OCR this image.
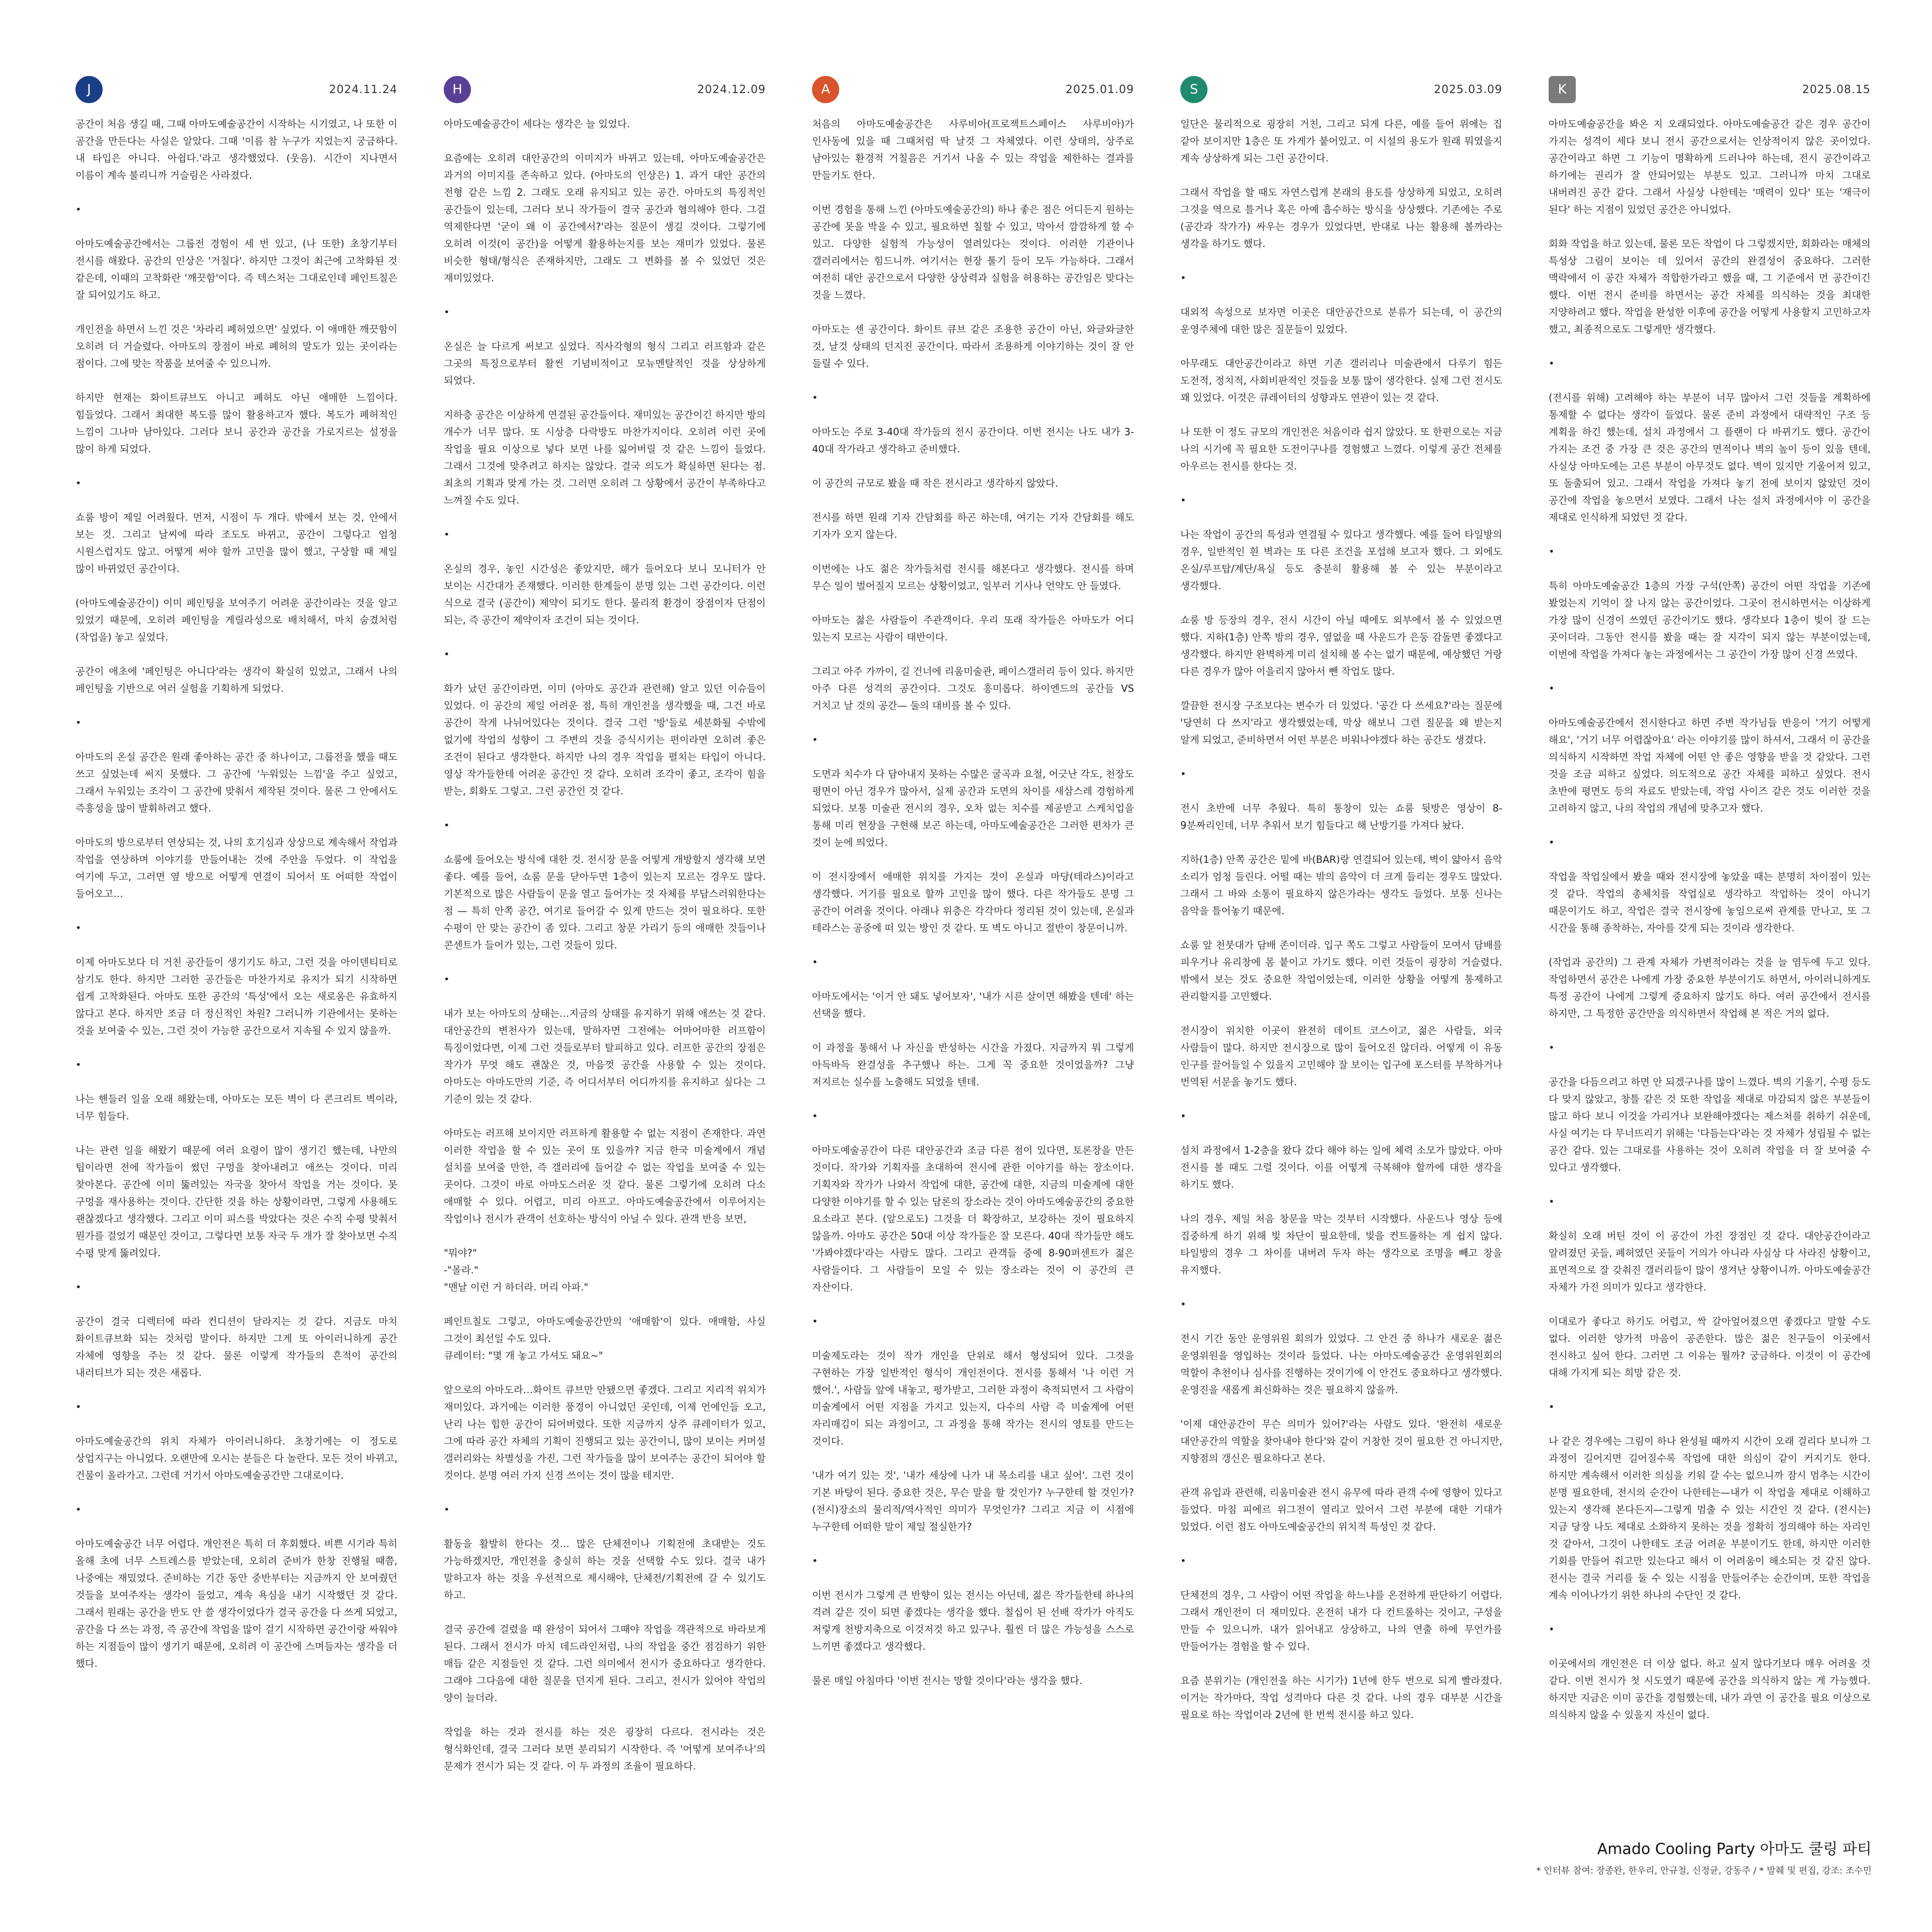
J	2024.11.24

공간이 처음 생길 때, 그때 아마도예술공간이 시작하는 시기였고, 나 또한 이 공간을 만든다는 사실은 알았다. 그때 '이름 참 누구가 지었는지 궁금하다. 내 타입은 아니다. 아쉽다.'라고 생각했었다. (웃음). 시간이 지나면서 이름이 계속 불리니까 거슬림은 사라졌다.

•

아마도예술공간에서는 그룹전 경험이 세 번 있고, (나 또한) 초창기부터 전시를 해왔다. 공간의 인상은 '거칠다'. 하지만 그것이 최근에 고착화된 것 같은데, 이때의 고착화란 '깨끗함'이다. 즉 텍스처는 그대로인데 페인트칠은 잘 되어있기도 하고.

개인전을 하면서 느낀 것은 '차라리 폐허였으면' 싶었다. 이 애매한 깨끗함이 오히려 더 거슬렸다. 아마도의 장점이 바로 폐허의 말도가 있는 곳이라는 점이다. 그에 맞는 작품을 보여줄 수 있으니까.

하지만 현재는 화이트큐브도 아니고 폐허도 아닌 애매한 느낌이다. 힘들었다. 그래서 최대한 복도를 많이 활용하고자 했다. 복도가 폐허적인 느낌이 그나마 남아있다. 그러다 보니 공간과 공간을 가로지르는 설정을 많이 하게 되었다.

•

쇼룸 방이 제일 어려웠다. 먼저, 시점이 두 개다. 밖에서 보는 것, 안에서 보는 것. 그리고 날씨에 따라 조도도 바뀌고, 공간이 그렇다고 엄청 시원스럽지도 않고. 어떻게 써야 할까 고민을 많이 했고, 구상할 때 제일 많이 바뀌었던 공간이다.

(아마도예술공간이) 이미 페인팅을 보여주기 어려운 공간이라는 것을 알고 있었기 때문에, 오히려 페인팅을 게릴라성으로 배치해서, 마치 숨겼처럼 (작업을) 놓고 싶었다.

공간이 애초에 '페인팅은 아니다'라는 생각이 확실히 있었고, 그래서 나의 페인팅을 기반으로 여러 실험을 기획하게 되었다.

•

아마도의 온실 공간은 원래 좋아하는 공간 중 하나이고, 그룹전을 했을 때도 쓰고 싶었는데 써지 못했다. 그 공간에 '누워있는 느낌'을 주고 싶었고, 그래서 누워있는 조각이 그 공간에 맞춰서 제작된 것이다. 물론 그 안에서도 즉흥성을 많이 발휘하려고 했다.

아마도의 방으로부터 연상되는 것, 나의 호기심과 상상으로 계속해서 작업과 작업을 연상하며 이야기를 만들어내는 것에 주안을 두었다. 이 작업을 여기에 두고, 그러면 옆 방으로 어떻게 연결이 되어서 또 어떠한 작업이 들어오고…

•

이제 아마도보다 더 거친 공간들이 생기기도 하고, 그런 것을 아이덴티티로 삼기도 한다. 하지만 그러한 공간들은 마찬가지로 유지가 되기 시작하면 쉽게 고착화된다. 아마도 또한 공간의 '특성'에서 오는 새로움은 유효하지 않다고 본다. 하지만 조금 더 정신적인 차원? 그러니까 기관에서는 못하는 것을 보여줄 수 있는, 그런 것이 가능한 공간으로서 지속될 수 있지 않을까.

•

나는 핸들러 일을 오래 해왔는데, 아마도는 모든 벽이 다 콘크리트 벽이라, 너무 힘들다.

나는 관련 일을 해왔기 때문에 여러 요령이 많이 생기긴 했는데, 나만의 팁이라면 전에 작가들이 썼던 구멍을 찾아내려고 애쓰는 것이다. 미리 찾아본다. 공간에 이미 뚫려있는 자국을 찾아서 작업을 거는 것이다. 못 구멍을 재사용하는 것이다. 간단한 것을 하는 상황이라면, 그렇게 사용해도 괜찮겠다고 생각했다. 그리고 이미 피스를 박았다는 것은 수직 수평 맞춰서 뭔가를 걸었기 때문인 것이고, 그렇다면 보통 자국 두 개가 잘 찾아보면 수직 수평 맞게 뚫려있다.

•

공간이 결국 디렉터에 따라 컨디션이 달라지는 것 같다. 지금도 마치 화이트큐브화 되는 것처럼 말이다. 하지만 그게 또 아이러니하게 공간 자체에 영향을 주는 것 같다. 물론 이렇게 작가들의 흔적이 공간의 내러티브가 되는 것은 새롭다.

•

아마도예술공간의 위치 자체가 아이러니하다. 초창기에는 이 정도로 상업지구는 아니었다. 오랜만에 오시는 분들은 다 놀란다. 모든 것이 바뀌고, 건물이 올라가고. 그런데 거기서 아마도예술공간만 그대로이다.

•

아마도예술공간 너무 어렵다. 개인전은 특히 더 후회했다. 비쁜 시기라 특히 올해 초에 너무 스트레스를 받았는데, 오히려 준비가 한창 진행될 때쯤, 나중에는 재밌었다. 준비하는 기간 동안 중반부터는 지금까지 안 보여줬던 것들을 보여주자는 생각이 들었고, 계속 욕심을 내기 시작했던 것 같다. 그래서 원래는 공간을 반도 안 쓸 생각이었다가 결국 공간을 다 쓰게 되었고, 공간을 다 쓰는 과정, 즉 공간에 작업을 많이 걸기 시작하면 공간이랑 싸워야 하는 지점들이 많이 생기기 때문에, 오히려 이 공간에 스며들자는 생각을 더 했다.

H	2024.12.09

아마도예술공간이 세다는 생각은 늘 있었다.

요즘에는 오히려 대안공간의 이미지가 바뀌고 있는데, 아마도예술공간은 과거의 이미지를 존속하고 있다. (아마도의 인상은) 1. 과거 대안 공간의 전형 같은 느낌 2. 그래도 오래 유지되고 있는 공간. 아마도의 특징적인 공간들이 있는데, 그러다 보니 작가들이 결국 공간과 협의해야 한다. 그걸 역제한다면 '굳이 왜 이 공간에서?'라는 질문이 생길 것이다. 그렇기에 오히려 이것(이 공간)을 어떻게 활용하는지를 보는 재미가 있었다. 물론 비슷한 형태/형식은 존재하지만, 그래도 그 변화를 볼 수 있었던 것은 재미있었다.

•

온실은 늘 다르게 써보고 싶었다. 직사각형의 형식 그리고 러프함과 같은 그곳의 특징으로부터 활씬 기념비적이고 모뉴멘탈적인 것을 상상하게 되었다.

지하층 공간은 이상하게 연결된 공간들이다. 재미있는 공간이긴 하지만 방의 개수가 너무 많다. 또 시상층 다락방도 마찬가지이다. 오히려 이런 곳에 작업을 필요 이상으로 넣다 보면 나를 잃어버릴 것 같은 느낌이 들었다. 그래서 그것에 맞추려고 하지는 않았다. 결국 의도가 확실하면 된다는 점. 최초의 기획과 맞게 가는 것. 그러면 오히려 그 상황에서 공간이 부족하다고 느껴질 수도 있다.

•

온실의 경우, 놓인 시간성은 좋았지만, 해가 들어오다 보니 모니터가 안 보이는 시간대가 존재했다. 이러한 한계들이 분명 있는 그런 공간이다. 이런 식으로 결국 (공간이) 제약이 되기도 한다. 물리적 환경이 장점이자 단점이 되는, 즉 공간이 제약이자 조건이 되는 것이다.

•

화가 났던 공간이라면, 이미 (아마도 공간과 관련해) 알고 있던 이슈들이 있었다. 이 공간의 제일 어려운 점, 특히 개인전을 생각했을 때, 그건 바로 공간이 작게 나뉘어있다는 것이다. 결국 그런 '방'들로 세분화될 수밖에 없기에 작업의 성향이 그 주변의 것을 증식시키는 편이라면 오히려 좋은 조건이 된다고 생각한다. 하지만 나의 경우 작업을 펼치는 타입이 아니다. 영상 작가들한테 어려운 공간인 것 같다. 오히려 조각이 좋고, 조각이 힘을 받는, 회화도 그렇고. 그런 공간인 것 같다.

•

쇼룸에 들어오는 방식에 대한 것. 전시장 문을 어떻게 개방할지 생각해 보면 좋다. 예를 들어, 쇼룸 문을 닫아두면 1층이 있는지 모르는 경우도 많다. 기본적으로 많은 사람들이 문을 열고 들어가는 것 자체를 부담스러워한다는 점 — 특히 안쪽 공간, 여기로 들어갈 수 있게 만드는 것이 필요하다. 또한 수평이 안 맞는 공간이 좀 있다. 그리고 창문 가리기 등의 애매한 것들이나 콘센트가 들어가 있는, 그런 것들이 있다.

•

내가 보는 아마도의 상태는…지금의 상태를 유지하기 위해 애쓰는 것 같다. 대안공간의 변천사가 있는데, 말하자면 그전에는 어마어마한 러프함이 특징이었다면, 이제 그런 것들로부터 탈피하고 있다. 러프한 공간의 장점은 작가가 무엇 해도 괜찮은 것, 마음껏 공간을 사용할 수 있는 것이다. 아마도는 아마도만의 기준, 즉 어디서부터 어디까지를 유지하고 싶다는 그 기준이 있는 것 같다.

아마도는 러프해 보이지만 러프하게 활용할 수 없는 지점이 존재한다. 과연 이러한 작업을 할 수 있는 곳이 또 있을까? 지금 한국 미술계에서 개념 설치를 보여줄 만한, 즉 갤러리에 들어갈 수 없는 작업을 보여줄 수 있는 곳이다. 그것이 바로 아마도스러운 것 같다. 물론 그렇기에 오히려 다소 애매할 수 있다. 어렵고, 미리 아프고. 아마도예술공간에서 이루어지는 작업이나 전시가 관객이 선호하는 방식이 아닐 수 있다. 관객 반응 보면,

"뭐야?"
-"몰라."
"맨날 이런 거 하더라. 머리 아파."

페인트칠도 그렇고, 아마도예술공간만의 '애매함'이 있다. 애매함, 사실 그것이 최선일 수도 있다.
큐레이터: "몇 개 놓고 가셔도 돼요~"

앞으로의 아마도라…화이트 큐브만 안됐으면 좋겠다. 그리고 지리적 위치가 재미있다. 과거에는 이러한 풍경이 아니었던 곳인데, 이제 언에인들 오고, 난리 나는 힙한 공간이 되어버렸다. 또한 지금까지 상주 큐레이터가 있고, 그에 따라 공간 자체의 기획이 진행되고 있는 공간이니, 많이 보이는 커머셜 갤러리와는 차별성을 가진, 그런 작가들을 많이 보여주는 공간이 되어야 할 것이다. 분명 여러 가지 신경 쓰이는 것이 많을 테지만.

•

활동을 활발히 한다는 것… 많은 단체전이나 기획전에 초대받는 것도 가능하겠지만, 개인전을 충실히 하는 것을 선택할 수도 있다. 결국 내가 말하고자 하는 것을 우선적으로 제시해야, 단체전/기획전에 갈 수 있기도 하고.

결국 공간에 걸렸을 때 완성이 되어서 그때야 작업을 객관적으로 바라보게 된다. 그래서 전시가 마치 데드라인처럼, 나의 작업을 중간 점검하기 위한 매듭 같은 지점들인 것 같다. 그런 의미에서 전시가 중요하다고 생각한다. 그래야 그다음에 대한 질문을 던지게 된다. 그리고, 전시가 있어야 작업의 양이 늘더라.

작업을 하는 것과 전시를 하는 것은 굉장히 다르다. 전시라는 것은 형식화인데, 결국 그러다 보면 분리되기 시작한다. 즉 '어떻게 보여주나'의 문제가 전시가 되는 것 같다. 이 두 과정의 조율이 필요하다.

A	2025.01.09

처음의 아마도예술공간은 사루비아(프로젝트스페이스 사루비아)가 인사동에 있을 때 그때처럼 딱 날것 그 자체였다. 이런 상태의, 상주로 남아있는 환경적 거칠음은 거기서 나올 수 있는 작업을 제한하는 결과를 만들기도 한다.

이번 경험을 통해 느낀 (아마도예술공간의) 하나 좋은 점은 어디든지 원하는 공간에 못을 박을 수 있고, 필요하면 칠할 수 있고, 막아서 깜깜하게 할 수 있고. 다양한 실험적 가능성이 열려있다는 것이다. 이러한 기관이나 갤러리에서는 힘드니까. 여기서는 현장 툴기 등이 모두 가능하다. 그래서 여전히 대안 공간으로서 다양한 상상력과 실험을 허용하는 공간임은 맞다는 것을 느꼈다.

아마도는 센 공간이다. 화이트 큐브 같은 조용한 공간이 아닌, 와글와글한 것, 날것 상태의 던지진 공간이다. 따라서 조용하게 이야기하는 것이 잘 안 들릴 수 있다.

•

아마도는 주로 3-40대 작가들의 전시 공간이다. 이번 전시는 나도 내가 3-40대 작가라고 생각하고 준비했다.

이 공간의 규모로 봤을 때 작은 전시라고 생각하지 않았다.

전시를 하면 원래 기자 간담회를 하곤 하는데, 여기는 기자 간담회를 해도 기자가 오지 않는다.

이번에는 나도 젊은 작가들처럼 전시를 해본다고 생각했다. 전시를 하며 무슨 일이 벌어질지 모르는 상황이었고, 일부러 기사나 언약도 안 들였다.

아마도는 젊은 사람들이 주관객이다. 우리 또래 작가들은 아마도가 어디 있는지 모르는 사람이 태반이다.

그리고 아주 가까이, 길 건너에 리움미술관, 페이스갤러리 등이 있다. 하지만 아주 다른 성격의 공간이다. 그것도 흥미롭다. 하이엔드의 공간들 VS 거치고 날 것의 공간— 둘의 대비를 볼 수 있다.

•

도면과 치수가 다 담아내지 못하는 수많은 굴곡과 요철, 어긋난 각도, 천장도 평면이 아닌 경우가 많아서, 실제 공간과 도면의 차이를 새삼스레 경험하게 되었다. 보통 미술관 전시의 경우, 오차 없는 치수를 제공받고 스케치업을 통해 미리 현장을 구현해 보곤 하는데, 아마도예술공간은 그러한 편차가 큰 것이 눈에 띄었다.

이 전시장에서 애매한 위치를 가지는 것이 온실과 마당(테라스)이라고 생각했다. 거기를 필요로 할까 고민을 많이 했다. 다른 작가들도 분명 그 공간이 어려울 것이다. 아래나 위층은 각각마다 정리된 것이 있는데, 온실과 테라스는 공중에 떠 있는 방인 것 같다. 또 벽도 아니고 절반이 창문이니까.

•

아마도에서는 '이거 안 돼도 넣어보자', '내가 시른 살이면 해봤을 텐데' 하는 선택을 했다.

이 과정을 통해서 나 자신을 반성하는 시간을 가졌다. 지금까지 뭐 그렇게 아득바득 완결성을 추구했나 하는. 그게 꼭 중요한 것이었을까? 그냥 저지르는 실수를 노출해도 되었을 텐데.

•

아마도예술공간이 다른 대안공간과 조금 다른 점이 있다면, 토론장을 만든 것이다. 작가와 기획자를 초대하여 전시에 관한 이야기를 하는 장소이다. 기획자와 작가가 나와서 작업에 대한, 공간에 대한, 지금의 미술계에 대한 다양한 이야기를 할 수 있는 담론의 장소라는 것이 아마도예술공간의 중요한 요소라고 본다. (앞으로도) 그것을 더 확장하고, 보강하는 것이 필요하지 않을까. 아마도 공간은 50대 이상 작가들은 잘 모른다. 40대 작가들만 해도 '가봐야겠다'라는 사람도 많다. 그리고 관객들 중에 8-90퍼센트가 젊은 사람들이다. 그 사람들이 모일 수 있는 장소라는 것이 이 공간의 큰 자산이다.

•

미술제도라는 것이 작가 개인을 단위로 해서 형성되어 있다. 그것을 구현하는 가장 일반적인 형식이 개인전이다. 전시를 통해서 '나 이런 거 했어.', 사람들 앞에 내놓고, 평가받고, 그러한 과정이 축적되면서 그 사람이 미술계에서 어떤 지점을 가지고 있는지, 다수의 사람 즉 미술계에 어떤 자리매김이 되는 과정이고, 그 과정을 통해 작가는 전시의 영토를 만드는 것이다.

'내가 여기 있는 것', '내가 세상에 나가 내 목소리를 내고 싶어'. 그런 것이 기본 바탕이 된다. 중요한 것은, 무슨 말을 할 것인가? 누구한테 할 것인가? (전시)장소의 물리적/역사적인 의미가 무엇인가? 그리고 지금 이 시점에 누구한테 어떠한 말이 제일 절실한가?

•

이번 전시가 그렇게 큰 반향이 있는 전시는 아닌데, 젊은 작가들한테 하나의 격려 같은 것이 되면 좋겠다는 생각을 했다. 칠십이 된 선배 작가가 아직도 저렇게 천방지축으로 이것저것 하고 있구나. 훨씬 더 많은 가능성을 스스로 느끼면 좋겠다고 생각했다.

물론 매일 아침마다 '이번 전시는 망할 것이다'라는 생각을 했다.

S	2025.03.09

일단은 물리적으로 굉장히 거친, 그리고 되게 다른, 예를 들어 위에는 집 같아 보이지만 1층은 또 가게가 붙어있고. 이 시설의 용도가 원래 뭐였을지 계속 상상하게 되는 그런 공간이다.

그래서 작업을 할 때도 자연스럽게 본래의 용도를 상상하게 되었고, 오히려 그것을 역으로 틀거나 혹은 아예 흡수하는 방식을 상상했다. 기존에는 주로 (공간과 작가가) 싸우는 경우가 있었다면, 반대로 나는 활용해 볼까라는 생각을 하기도 했다.

•

대외적 속성으로 보자면 이곳은 대안공간으로 분류가 되는데, 이 공간의 운영주체에 대한 많은 질문들이 있었다.

아무래도 대안공간이라고 하면 기존 갤러리나 미술관에서 다루기 힘든 도전적, 정치적, 사회비판적인 것들을 보통 많이 생각한다. 실제 그런 전시도 꽤 있었다. 이것은 큐레이터의 성향과도 연관이 있는 것 같다.

나 또한 이 정도 규모의 개인전은 처음이라 쉽지 않았다. 또 한편으로는 지금 나의 시기에 꼭 필요한 도전이구나를 경험했고 느꼈다. 이렇게 공간 전체를 아우르는 전시를 한다는 것.

•

나는 작업이 공간의 특성과 연결될 수 있다고 생각했다. 예를 들어 타일방의 경우, 일반적인 흰 벽과는 또 다른 조건을 포섭해 보고자 했다. 그 외에도 온실/루프탑/계단/욕실 등도 충분히 활용해 볼 수 있는 부분이라고 생각했다.

쇼룸 방 등장의 경우, 전시 시간이 아닐 때에도 외부에서 볼 수 있었으면 했다. 지하(1층) 안쪽 방의 경우, 옆없을 때 사운드가 은둥 감돌면 좋겠다고 생각했다. 하지만 완벽하게 미리 설치해 볼 수는 없기 때문에, 예상했던 거랑 다른 경우가 많아 이을리지 않아서 뺀 작업도 많다.

깔끔한 전시장 구조보다는 변수가 더 있었다. '공간 다 쓰세요?'라는 질문에 '당연히 다 쓰지'라고 생각했었는데, 막상 해보니 그런 질문을 왜 받는지 알게 되었고, 준비하면서 어떤 부분은 비워나야겠다 하는 공간도 생겼다.

•

전시 초반에 너무 추웠다. 특히 통창이 있는 쇼룸 뒷방은 영상이 8-9분짜리인데, 너무 추워서 보기 힘들다고 해 난방기를 가져다 놨다.

지하(1층) 안쪽 공간은 밑에 바(BAR)랑 연결되어 있는데, 벽이 얇아서 음악 소리가 엄청 들린다. 어떨 때는 밖의 음악이 더 크게 들리는 경우도 많았다. 그래서 그 바와 소통이 필요하지 않은가라는 생각도 들었다. 보통 신나는 음악을 틀어놓기 때문에.

쇼룸 앞 천붓대가 담배 존이더라. 입구 쪽도 그렇고 사람들이 모여서 담배를 피우거나 유리창에 몸 붙이고 가기도 했다. 이런 것들이 굉장히 거슬렸다. 밖에서 보는 것도 중요한 작업이었는데, 이러한 상황을 어떻게 통제하고 관리할지를 고민했다.

전시장이 위치한 이곳이 완전히 데이트 코스이고, 젊은 사람들, 외국 사람들이 많다. 하지만 전시장으로 많이 들어오진 않더라. 어떻게 이 유동 인구를 끌어들일 수 있을지 고민해야 잘 보이는 입구에 포스터를 부착하거나 번역된 서문을 놓기도 했다.

•

설치 과정에서 1-2층을 왔다 갔다 해야 하는 일에 체력 소모가 많았다. 아마 전시를 볼 때도 그럴 것이다. 이를 어떻게 극복해야 할까에 대한 생각을 하기도 했다.

나의 경우, 제일 처음 창문을 막는 것부터 시작했다. 사운드나 영상 등에 집중하게 하기 위해 빛 차단이 필요한데, 빛을 컨트롤하는 게 쉽지 않다. 타일방의 경우 그 차이를 내버려 두자 하는 생각으로 조명을 빼고 창을 유지했다.

•

전시 기간 동안 운영위원 회의가 있었다. 그 안건 중 하나가 새로운 젊은 운영위원을 영입하는 것이라 들었다. 나는 아마도예술공간 운영위원회의 역할이 추천이나 심사를 진행하는 것이기에 이 안건도 중요하다고 생각했다. 운영진을 새롭게 최신화하는 것은 필요하지 않을까.

'이제 대안공간이 무슨 의미가 있어?'라는 사람도 있다. '완전히 새로운 대안공간의 역할을 찾아내야 한다'와 같이 거창한 것이 필요한 건 아니지만, 지향점의 갱신은 필요하다고 본다.

관객 유입과 관련해, 리움미술관 전시 유무에 따라 관객 수에 영향이 있다고 들었다. 마침 피에르 위그전이 열리고 있어서 그런 부분에 대한 기대가 있었다. 이런 점도 아마도예술공간의 위치적 특성인 것 같다.

•

단체전의 경우, 그 사람이 어떤 작업을 하느냐를 온전하게 판단하기 어렵다. 그래서 개인전이 더 재미있다. 온전히 내가 다 컨트롤하는 것이고, 구성을 만들 수 있으니까. 내가 읽어내고 상상하고, 나의 연출 하에 무언가를 만들어가는 경험을 할 수 있다.

요즘 분위기는 (개인전을 하는 시기가) 1년에 한두 번으로 되게 빨라졌다. 이거는 작가마다, 작업 성격마다 다른 것 같다. 나의 경우 대부분 시간을 필요로 하는 작업이라 2년에 한 번씩 전시를 하고 있다.

K	2025.08.15

아마도예술공간을 봐온 지 오래되었다. 아마도예술공간 같은 경우 공간이 가지는 성격이 세다 보니 전시 공간으로서는 인상적이지 않은 곳이었다. 공간이라고 하면 그 기능이 명확하게 드러나야 하는데, 전시 공간이라고 하기에는 권리가 잘 안되어있는 부분도 있고. 그러니까 마치 그대로 내버려진 공간 같다. 그래서 사실상 나한테는 '매력이 있다' 또는 '재극이 된다' 하는 지점이 있었던 공간은 아니었다.

회화 작업을 하고 있는데, 물론 모든 작업이 다 그렇겠지만, 회화라는 매체의 특성상 그림이 보이는 데 있어서 공간의 완결성이 중요하다. 그러한 맥락에서 이 공간 자체가 적합한가라고 했을 때, 그 기준에서 먼 공간이긴 했다. 이번 전시 준비를 하면서는 공간 자체를 의식하는 것을 최대한 지양하려고 했다. 작업을 완성한 이후에 공간을 어떻게 사용할지 고민하고자 했고, 최종적으로도 그렇게만 생각했다.

•

(전시를 위해) 고려해야 하는 부분이 너무 많아서 그런 것들을 계획하에 통제할 수 없다는 생각이 들었다. 물론 준비 과정에서 대략적인 구조 등 계획을 하긴 했는데, 설치 과정에서 그 플랜이 다 바뀌기도 했다. 공간이 가지는 조건 중 가장 큰 것은 공간의 면적이나 벽의 높이 등이 있을 텐데, 사실상 아마도에는 고른 부분이 아무것도 없다. 벽이 있지만 기울어져 있고, 또 돌출되어 있고. 그래서 작업을 가져다 놓기 전에 보이지 않았던 것이 공간에 작업을 놓으면서 보였다. 그래서 나는 설치 과정에서야 이 공간을 제대로 인식하게 되었던 것 같다.

•

특히 아마도예술공간 1층의 가장 구석(안쪽) 공간이 어떤 작업을 기존에 봤었는지 기억이 잘 나지 않는 공간이었다. 그곳이 전시하면서는 이상하게 가장 많이 신경이 쓰였던 공간이기도 했다. 생각보다 1층이 빛이 잘 드는 곳이더라. 그동안 전시를 봤을 때는 잘 지각이 되지 않는 부분이었는데, 이번에 작업을 가져다 놓는 과정에서는 그 공간이 가장 많이 신경 쓰였다.

•

아마도예술공간에서 전시한다고 하면 주변 작가님들 반응이 '거기 어떻게 해요', '거기 너무 어렵잖아요' 라는 이야기를 많이 하셔서, 그래서 이 공간을 의식하지 시작하면 작업 자체에 어떤 안 좋은 영향을 받을 것 같았다. 그런 것을 조금 피하고 싶었다. 의도적으로 공간 자체를 피하고 싶었다. 전시 초반에 평면도 등의 자료도 받았는데, 작업 사이즈 같은 것도 이러한 것을 고려하지 않고, 나의 작업의 개념에 맞추고자 했다.

•

작업을 작업실에서 봤을 때와 전시장에 놓았을 때는 분명히 차이점이 있는 것 같다. 작업의 총체치를 작업실로 생각하고 작업하는 것이 아니기 때문이기도 하고, 작업은 결국 전시장에 놓임으로써 관계를 만나고, 또 그 시간을 통해 종착하는, 자아를 갖게 되는 것이라 생각한다.

(작업과 공간의) 그 관계 자체가 가변적이라는 것을 늘 염두에 두고 있다. 작업하면서 공간은 나에게 가장 중요한 부분이기도 하면서, 아이러니하게도 특정 공간이 나에게 그렇게 중요하지 않기도 하다. 여러 공간에서 전시를 하지만, 그 특정한 공간만을 의식하면서 작업해 본 적은 거의 없다.

•

공간을 다듬으려고 하면 안 되겠구나를 많이 느꼈다. 벽의 기울기, 수평 등도 다 맞지 않았고, 창틀 같은 것 또한 작업을 제대로 마감되지 않은 부분들이 많고 하다 보니 이것을 가리거나 보완해야겠다는 제스처를 취하기 쉬운데, 사실 여기는 다 무너뜨리기 위해는 '다듬는다'라는 것 자체가 성립될 수 없는 공간 같다. 있는 그대로를 사용하는 것이 오히려 작업을 더 잘 보여줄 수 있다고 생각했다.

•

확실히 오래 버틴 것이 이 공간이 가진 장점인 것 같다. 대안공간이라고 알려졌던 곳들, 폐허였던 곳들이 거의가 아니라 사실상 다 사라진 상황이고, 표면적으로 잘 갖춰진 갤러리들이 많이 생겨난 상황이니까. 아마도예술공간 자체가 가진 의미가 있다고 생각한다.

이대로가 좋다고 하기도 어렵고, 싹 갈아엎어졌으면 좋겠다고 말할 수도 없다. 이러한 양가적 마음이 공존한다. 많은 젊은 친구들이 이곳에서 전시하고 싶어 한다. 그러면 그 이유는 뭘까? 궁금하다. 이것이 이 공간에 대해 가지게 되는 희망 같은 것.

•

나 같은 경우에는 그림이 하나 완성될 때까지 시간이 오래 걸리다 보니까 그 과정이 길어지면 길어질수록 작업에 대한 의심이 같이 커지기도 한다. 하지만 계속해서 이러한 의심을 키워 갈 수는 없으니까 잠시 멈추는 시간이 분명 필요한데, 전시의 순간이 나한테는—내가 이 작업을 제대로 이해하고 있는지 생각해 본다든지—그렇게 멈출 수 있는 시간인 것 같다. (전시는) 지금 당장 나도 제대로 소화하지 못하는 것을 정확히 정의해야 하는 자리인 것 같아서, 그것이 나한테도 조금 어려운 부분이기도 한데, 하지만 이러한 기회를 만들어 줘고만 있는다고 해서 이 어려움이 해소되는 것 같진 않다. 전시는 결국 거리를 둘 수 있는 시점을 만들어주는 순간이며, 또한 작업을 계속 이어나가기 위한 하나의 수단인 것 같다.

•

이곳에서의 개인전은 더 이상 없다. 하고 싶지 않다기보다 매우 어려울 것 같다. 이번 전시가 첫 시도였기 때문에 공간을 의식하지 않는 게 가능했다. 하지만 지금은 이미 공간을 경험했는데, 내가 과연 이 공간을 필요 이상으로 의식하지 않을 수 있을지 자신이 없다.

Amado Cooling Party 아마도 쿨링 파티
* 인터뷰 참여: 장종완, 한우리, 안규철, 신정균, 강동주 / * 발췌 및 편집, 강조: 조수민
